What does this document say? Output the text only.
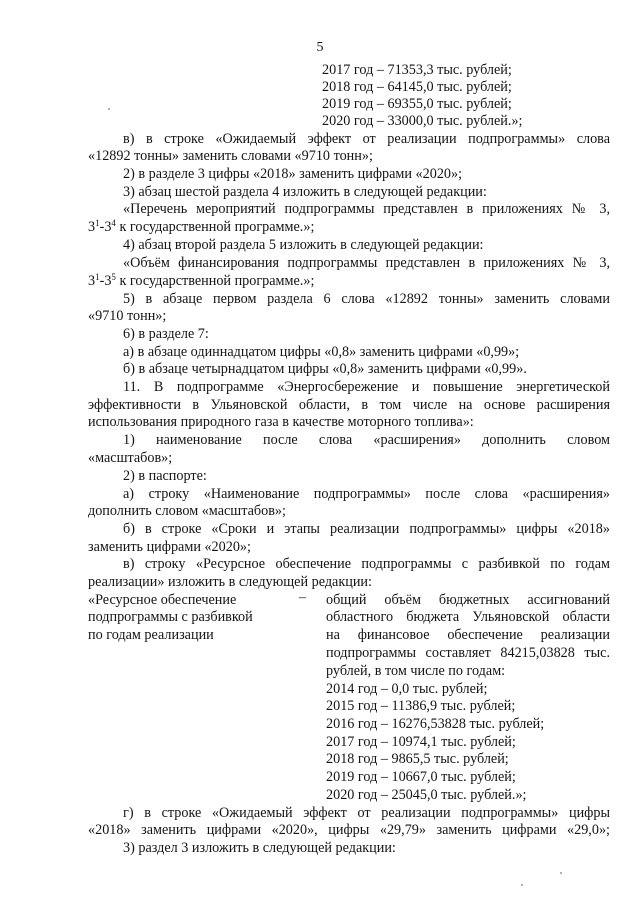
5
2017 год – 71353,3 тыс. рублей;
2018 год – 64145,0 тыс. рублей;
2019 год – 69355,0 тыс. рублей;
2020 год – 33000,0 тыс. рублей.»;
в) в строке «Ожидаемый эффект от реализации подпрограммы» слова
«12892 тонны» заменить словами «9710 тонн»;
2) в разделе 3 цифры «2018» заменить цифрами «2020»;
3) абзац шестой раздела 4 изложить в следующей редакции:
«Перечень мероприятий подпрограммы представлен в приложениях № 3,
$3^1-3^4$ к государственной программе.»;
4) абзац второй раздела 5 изложить в следующей редакции:
«Объём финансирования подпрограммы представлен в приложениях № 3,
$3^1-3^5$ к государственной программе.»;
5) в абзаце первом раздела 6 слова «12892 тонны» заменить словами
«9710 тонн»;
6) в разделе 7:
а) в абзаце одиннадцатом цифры «0,8» заменить цифрами «0,99»;
б) в абзаце четырнадцатом цифры «0,8» заменить цифрами «0,99».
11. В подпрограмме «Энергосбережение и повышение энергетической
эффективности в Ульяновской области, в том числе на основе расширения
использования природного газа в качестве моторного топлива»:
1) наименование после слова «расширения» дополнить словом
«масштабов»;
2) в паспорте:
а) строку «Наименование подпрограммы» после слова «расширения»
дополнить словом «масштабов»;
б) в строке «Сроки и этапы реализации подпрограммы» цифры «2018»
заменить цифрами «2020»;
в) строку «Ресурсное обеспечение подпрограммы с разбивкой по годам
реализации» изложить в следующей редакции:
«Ресурсное обеспечение
подпрограммы с разбивкой
по годам реализации
– общий объём бюджетных ассигнований
областного бюджета Ульяновской области
на финансовое обеспечение реализации
подпрограммы составляет 84215,03828 тыс.
рублей, в том числе по годам:
2014 год – 0,0 тыс. рублей;
2015 год – 11386,9 тыс. рублей;
2016 год – 16276,53828 тыс. рублей;
2017 год – 10974,1 тыс. рублей;
2018 год – 9865,5 тыс. рублей;
2019 год – 10667,0 тыс. рублей;
2020 год – 25045,0 тыс. рублей.»;
г) в строке «Ожидаемый эффект от реализации подпрограммы» цифры
«2018» заменить цифрами «2020», цифры «29,79» заменить цифрами «29,0»;
3) раздел 3 изложить в следующей редакции:
